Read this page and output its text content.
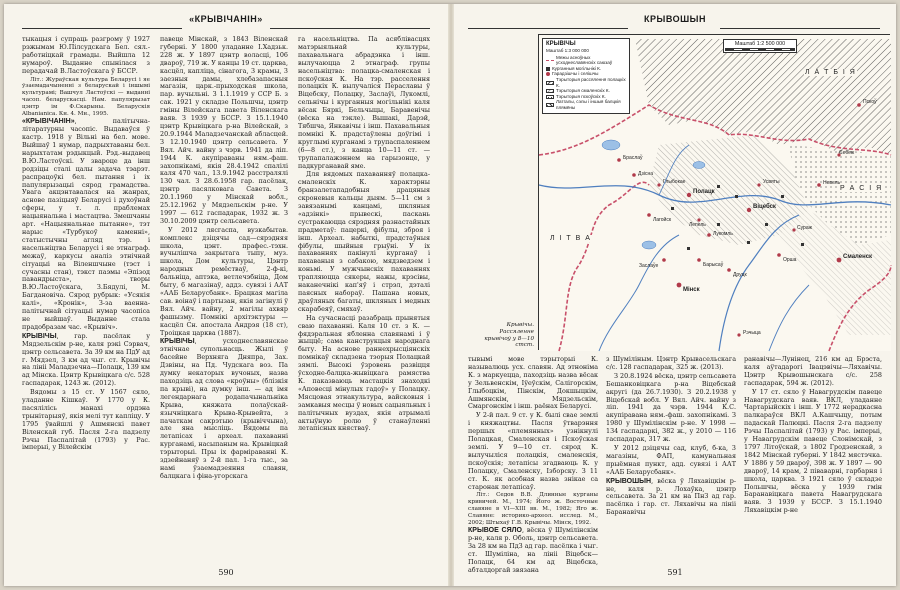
«КРЫВІЧАНІН»

тыкацыя і супраць разгрому ў 1927 рэжымам Ю.Пілсудскага Бел. сял.-работніцкай грамады. Выйшла 12 нумароў. Выданне спынілася з перадачай В.Ластоўскага ў БССР.

Літ.: Жураўская культура Беларусі і яе ўзаемадачыненні з беларускай і іншымі культурамі; Вашчул Ластоўскі — выданні часоп. беларускасці. Нам. папулярызат цэнтр ім Ф.Скарыны. Беларускія Albanianica. Кн. 4. Мн., 1995.

«КРЫВІЧАНІН», палітычна-літаратурны часопіс. Выдаваўся ў кастр. 1918 у Вільні на бел. мове. Выйшаў 1 нумар, падрыхтаваны бел. нарыхтатам рэдыкцый. Рэд.-выдавец В.Ю.Ластоўскі. У звароце да інш родзіцы сталі цалы задача тэарэт. распрацоўкі бел. пытання і іх папулярызацыі сярод грамадства. Увага акцэнтавалася на жанрах, аснове пазіцыяў Беларусі і духоўнай сферы, у т. л. праблемах нацыянальна і мастацтва. Змешчаны арт. «Нацыянальнае пытанне», тэт нарыс «Турбукоў каменні», статыстычны агляд тэр. і насельніцтва Беларусі і яе этнаграф. межаў, каркусы аналіз этнічнай сітуацыі на Віленшчыне (тэст і сучасны стан), тэкст паэмы «Эпізод павандрыста», творы В.Ю.Ластоўскага, З.Бядулі, М. Багдановіча. Сярод рубрык: «Усякія калі», «Кронік», З-за ваенна-палітычнай сітуацыі нумар часопіса не выйшаў. Выданне стала прадобразам час. «Крывіч».

КРЫВІЧЫ, гар. пасёлак у Мядзельскім р-не, каля рэкі Сэрвач, цэнтр сельсавета. За 39 км на ПдУ ад г. Мядзел, 3 км ад чыг. ст. Крывічы на лініі Маладзечна—Полацк, 139 км ад Мінска. Цэнтр Крывіцкага с/с. 528 гаспадарак, 1243 ж. (2012).

Вядомы з 15 ст. У 1567 сяло, уладанне Кішкаў. У 1770 у К. пасялілісь манахі ордэна трынітарыяў, якія мелі тут капліцу. У 1795 ўвайшлі ў Ашмянскі павет Віленскай губ. Пасля 2-га падзелу Рэчы Паспалітай (1793) у Рас. імперыі, у Вілейскім

павеце Мінскай, з 1843 Віленскай губерні. У 1800 уладанне І.Хадзьк. 228 ж. У 1897 цэнтр воласці, 106 двароў, 719 ж. У канцы 19 ст. царква, касцёл, капліца, сінагога, 3 крамы, 3 заезныя дамы, хлебазапасныя магазін, царк.-прыходская школа, пар. вучыльні. З 1.1.1919 у ССР Б. з сак. 1921 у складзе Польшчы, цэнтр гміны Вілейскага павета Віленскага ваяв. З 1939 у БССР. З 15.1.1940 цэнтр Крывіцкага р-на Вілейскай, з 20.9.1944 Маладзечанскай абласцей. З 12.10.1940 цэнтр сельсавета. У Вял. Айч. вайну з чэрв. 1941 да ліп. 1944 К. акупіраваны ням.-фаш. захопнікамі, якія 28.4.1942 спалілі каля 470 чал., 13.9.1942 расстралялі 130 чал. З 28.6.1958 гар. пасёлак, цэнтр пасялковага Савета. З 20.1.1960 у Мінскай вобл., 25.12.1962 у Мядзельскім р-не. У 1997 — 612 гаспадарак, 1932 ж. З 30.10.2009 цэнтр сельсавета.

У 2012 лясгаспа, вузкабытав. комплекс дзіцячы сад—сярэдняя школа, цэнт. прафес.-тэхн. вучылішча закрытага тыпу, муз. школа, Дом культуры, Цэнтр народных ремёстваў, 2-ф-кі, бальніца, аптэка, ветлечэбніца, Дом быту, 6 магазінаў, аддз. сувязі і ААТ «ААБ Беларусбанк». Брацкая магіла сав. воінаў і партызан, якія загінулі ў Вял. Айч. вайну, 2 магілы ахвяр фашызму. Помнікі архітэктуры — касцёл Сн. апостала Андрэя (18 ст), Троіцкая царква (1887).

КРЫВІЧЫ, усходнеславянскае этнічнае супольнасць. Жылі ў басейне Верхняга Дняпра, Зах. Дзвіны, на Пд. Чудскага воз. Па думку некаторых вучоных, назва паходзіць ад слова «кроўны» (блізкія па крыві), на думку інш. — ад імя легендарнага родапачынальніка Крыва, княжата полаўскай-язычніцкага Крыва-Крывейта, з пачаткам сакрэтыю (крывіччына), але яна мысліць. Вядомы па летапісах і археал. пахаванні курганамі, насыпаным на. Крывіцкай тэрыторыі. Пры іх фарміраванні К. здзейнаняў з 2-й пал. 1-га тыс., за намі ўзаемадзеяння славян, балцкага і фіна-угорскага

га насельніцтва. Па асяблівасцях матэрыяльнай культуры, пахавальнага абрадэнка і інш. вылучаюцца 2 этнаграф. групы насельніцтва: полацка-смаленская і пскоўская К. На тэр. расселення полацкіх К. вылучаліся Пераславы ў Віцебску, Полацку, Заслаўі, Лукомлі, сельнічы і курганныя могільнікі каля вёсак Бяркі, Бельчыцы, Баравенічы (вёска на тэкле). Вышакі, Дарэй, Тябшча, Янкавічы і інш. Пахавальныя помнікі К. прадстаўлены доўгімі і круглымі курганамі з трупаспаленнем (6—8 ст.), з канца 10—11 ст. — трупапалажэннем на гарызонце, у падкурганавай яме.

Для вядомых пахаванняў полацка-смаленскіх К. характэрны бранзалетападобныя драцяныя скроневыя кальцы дыям. 5—11 см з завязанымі канцамі, шкляныя «адзінкі» прывескі, паскань сустракаюцца сярэдняя разнастайных прадметаў: пацеркі, фібулы, зброя і інш. Археал. набыткі, прадстаўныя фібулы, шыйныя грыўні. У іх пахаваннях пакінулі курганаў і пахаваныя з сабакою, мядзведзем і коньмі. У мужчынскіх пахаваннях трапляюцца сякеры, нажы, крэсівы, наканечнікі кап'яў і стрэл, дэталі паясных набораў. Пашана новых, драўляных багаты, шкляных і медных скарабеяў, смяхаў.

На сучаснасці разабраць прынятыя сваю пахаванні. Каля 10 ст. з К. — фядэральная ябленна славянамі і ў жыццё; сама канструкцыя народнага быту. На аснове раннехрысціянскіх помнікаў складзена тэорыя Полацкай зямлі. Высокі ўзровень развіцця ўсходне-балцка-жывіцкага рамяства К. паказваюць мастацкія знаходкі «Аповесці мінулых гадоў» у Полацку. Мясцовая этнакультура, вайсковыя і замкавыя месцы ў новых сацыяльных і палітычных вуздах, якія атрымалі актыўную ролю ў станаўленні летапісных княстваў.

590
КРЫВОШЫН
КРЫВІЧЫ
Маштаб 1:3 000 000
Межы асноўных усходнеславянскіх саюзаў
Курганныя могільнікі К.
Гарадзішчы і селішчы
Тэрыторыя рассялення полацкіх К.
Тэрыторыя смаленскіх К.
Тэрыторыя пскоўскіх К.
Латгалы, сэлы і іншыя балцкія плямёны
Маштаб 1:2 500 000
Л А Т Б І Я
Р А С І Я
Л І Т В А
Полацк
Віцебск
Смаленск
Мінск
Друцк
Лукомль
Заслаўе
Орша
Барысаў
Лагойск
Дзісна
Браслаў
Глыбокае
Лепель
Невель
Себеж
Пскоў
Усвяты
Сураж
Рэчыца
Крывічы. Рассяленне крывічоў у 8—10 стст.

тывымі мове тэрыторыі К. называлюць усх. славян. Ад этноніма К. з маркуецца, паходзіць назва вёсак у Зельвенскім, Іўеўскім, Салігорскім, Глыбоцкім, Пінскім, Докшыцкім, Ашмянскім, Мядзельскім, Смаргонскім і інш. раёнах Беларусі.

У 2-й пал. 9 ст. у К. былі свае землі і княжацтвы. Пасля ўтварэння першых «племянных» узнікнулі Полацкая, Смаленская і Пскоўская землі. У 9—10 ст. сярод К. вылучыліся полацкія, смаленскія, пскоўскія; летапісы згадваюць К. у Полацку, Смаленску, Ізборску. З 11 ст. К. як асобная назва знікае са старонак летапісаў.

Літ.: Седов В.В. Длинные курганы кривичей. М., 1974; Його ж. Восточные славяне в VI—XIII вв. М., 1982; Яго ж. Славяне: историко-археол. исслед. М., 2002; Штыхаў Г.В. Крывічы. Мінск, 1992.

КРЫВОЕ СЯЛО, вёска ў Шумілінскім р-не, каля р. Оболь, цэнтр сельсавета. За 28 км на ПдЗ ад гар. пасёлка і чыг. ст. Шуміліна, на лініі Віцебск—Полацк, 64 км ад Віцебска, абталдоргай звязана

з Шуміліным. Цэнтр Крывасельскага с/с. 128 гаспадарак, 325 ж. (2013).

З 20.8.1924 вёска, цэнтр сельсавета Бешанковіцкага р-на Віцебскай акругі (да 26.7.1930). З 20.2.1938 у Віцебскай вобл. У Вял. Айч. вайну з ліп. 1941 да чэрв. 1944 К.С. акупіравана ням.-фаш. захопнікамі. З 1980 у Шумілінскім р-не. У 1998 — 134 гаспадаркі, 382 ж., у 2010 — 116 гаспадарак, 317 ж.

У 2012 дзіцячы сад, клуб, б-ка, 3 магазіны, ФАП, камунальная прыёмная пункт, адд. сувязі і ААТ «ААБ Беларусбанк».

КРЫВОШЫН, вёска ў Ляхавіцкім р-не, каля р. Лохаўка, цэнтр сельсавета. За 21 км на ПнЗ ад гар. пасёлка і гар. ст. Ляхавічы на лініі Баранавічы

ранавічы—Лунінец, 216 км ад Брэста, каля аўтадарогі Івацэвічы—Ляхавічы. Цэнтр Крывошынскага с/с. 258 гаспадарак, 594 ж. (2012).

У 17 ст. сяло ў Навагрудскім павеце Навагрудскага ваяв. ВКЛ, уладанне Чартарыйскіх і інш. У 1772 нерадкасна палкараўся ВКЛ А.Кашчыцу, потым падаскай Палюцкі. Пасля 2-га падзелу Рэчы Паспалітай (1793) у Рас. імперыі, у Навагрудскім павеце Слонімскай, з 1797 Літоўскай, з 1802 Гродзенскай, з 1842 Мінскай губерні. У 1842 мястэчка. У 1886 у 59 двароў, 398 ж. У 1897 — 90 двароў, 14 крам, 2 піваварні, гарбарня і школа, царква. З 1921 сяло ў складзе Польшчы, вёска у 1939 гмін Баранавіцкага павета Навагрудскага ваяв. З 1939 у БССР. З 15.1.1940 Ляхавіцкім р-не

591
